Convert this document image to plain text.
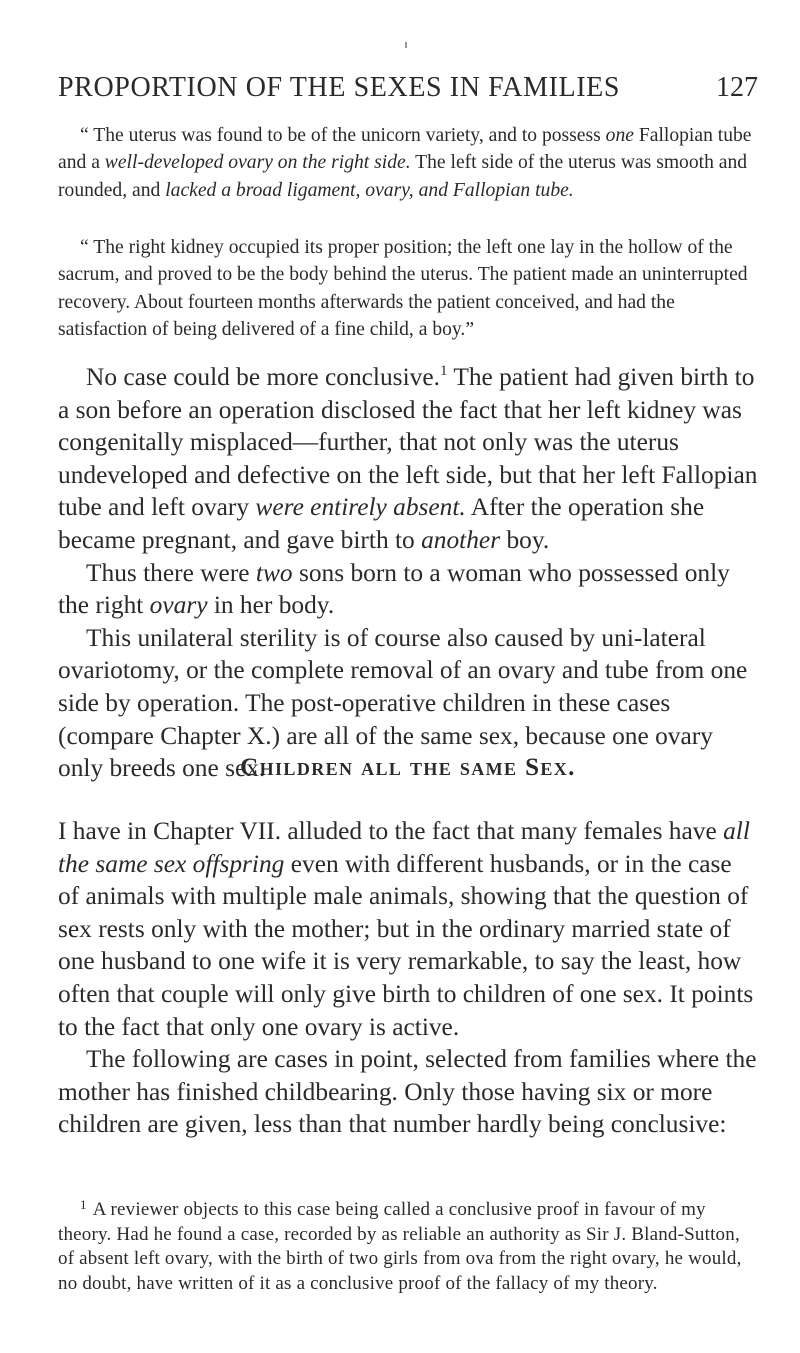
PROPORTION OF THE SEXES IN FAMILIES	127

“ The uterus was found to be of the unicorn variety, and to possess one Fallopian tube and a well-developed ovary on the right side. The left side of the uterus was smooth and rounded, and lacked a broad ligament, ovary, and Fallopian tube.

“ The right kidney occupied its proper position; the left one lay in the hollow of the sacrum, and proved to be the body behind the uterus. The patient made an uninterrupted recovery. About fourteen months afterwards the patient conceived, and had the satisfaction of being delivered of a fine child, a boy.”

No case could be more conclusive.$^1$ The patient had given birth to a son before an operation disclosed the fact that her left kidney was congenitally misplaced—further, that not only was the uterus undeveloped and defective on the left side, but that her left Fallopian tube and left ovary were entirely absent. After the operation she became pregnant, and gave birth to another boy.
Thus there were two sons born to a woman who possessed only the right ovary in her body.
This unilateral sterility is of course also caused by uni-lateral ovariotomy, or the complete removal of an ovary and tube from one side by operation. The post-operative children in these cases (compare Chapter X.) are all of the same sex, because one ovary only breeds one sex.

Children all the same Sex.

I have in Chapter VII. alluded to the fact that many females have all the same sex offspring even with different husbands, or in the case of animals with multiple male animals, showing that the question of sex rests only with the mother; but in the ordinary married state of one husband to one wife it is very remarkable, to say the least, how often that couple will only give birth to children of one sex. It points to the fact that only one ovary is active.
The following are cases in point, selected from families where the mother has finished childbearing. Only those having six or more children are given, less than that number hardly being conclusive:

$^1$ A reviewer objects to this case being called a conclusive proof in favour of my theory. Had he found a case, recorded by as reliable an authority as Sir J. Bland-Sutton, of absent left ovary, with the birth of two girls from ova from the right ovary, he would, no doubt, have written of it as a conclusive proof of the fallacy of my theory.
